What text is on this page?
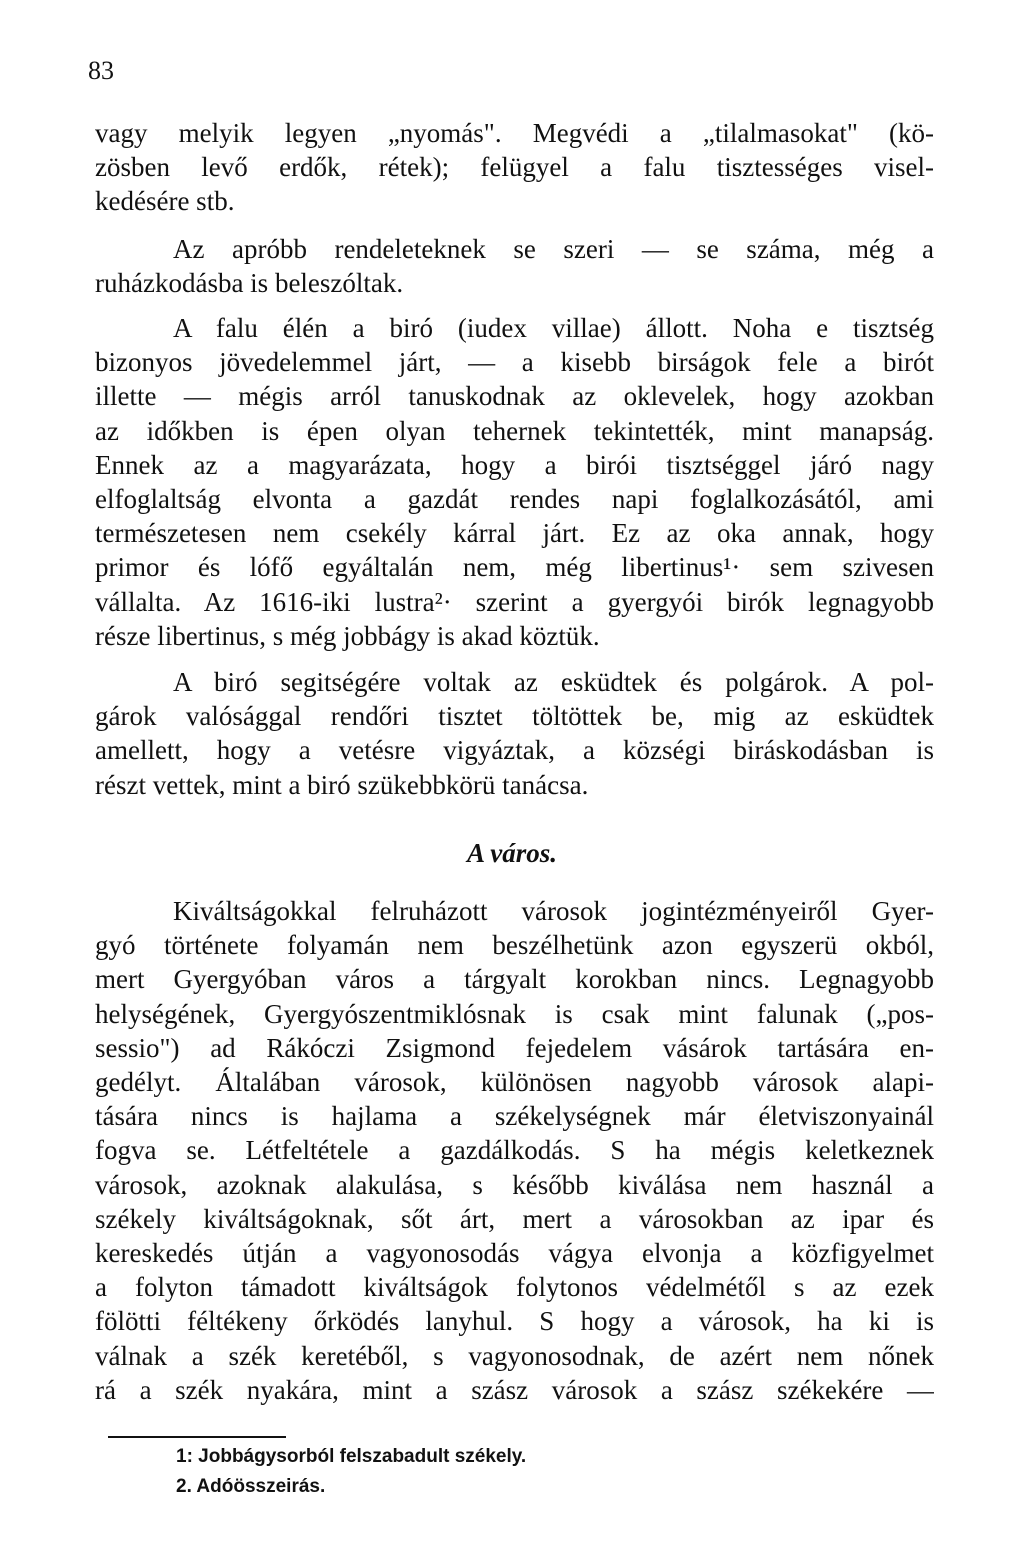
83
vagy melyik legyen „nyomás". Megvédi a „tilalmasokat" (kö-
zösben levő erdők, rétek); felügyel a falu tisztességes visel-
kedésére stb.
Az apróbb rendeleteknek se szeri — se száma, még a
ruházkodásba is beleszóltak.
A falu élén a biró (iudex villae) állott. Noha e tisztség
bizonyos jövedelemmel járt, — a kisebb birságok fele a birót
illette — mégis arról tanuskodnak az oklevelek, hogy azokban
az időkben is épen olyan tehernek tekintették, mint manapság.
Ennek az a magyarázata, hogy a birói tisztséggel járó nagy
elfoglaltság elvonta a gazdát rendes napi foglalkozásától, ami
természetesen nem csekély kárral járt. Ez az oka annak, hogy
primor és lófő egyáltalán nem, még libertinus¹· sem szivesen
vállalta. Az 1616-iki lustra²· szerint a gyergyói birók legnagyobb
része libertinus, s még jobbágy is akad köztük.
A biró segitségére voltak az esküdtek és polgárok. A pol-
gárok valósággal rendőri tisztet töltöttek be, mig az esküdtek
amellett, hogy a vetésre vigyáztak, a községi biráskodásban is
részt vettek, mint a biró szükebbkörü tanácsa.
A város.
Kiváltságokkal felruházott városok jogintézményeiről Gyer-
gyó története folyamán nem beszélhetünk azon egyszerü okból,
mert Gyergyóban város a tárgyalt korokban nincs. Legnagyobb
helységének, Gyergyószentmiklósnak is csak mint falunak („pos-
sessio") ad Rákóczi Zsigmond fejedelem vásárok tartására en-
gedélyt. Általában városok, különösen nagyobb városok alapi-
tására nincs is hajlama a székelységnek már életviszonyainál
fogva se. Létfeltétele a gazdálkodás. S ha mégis keletkeznek
városok, azoknak alakulása, s később kiválása nem használ a
székely kiváltságoknak, sőt árt, mert a városokban az ipar és
kereskedés útján a vagyonosodás vágya elvonja a közfigyelmet
a folyton támadott kiváltságok folytonos védelmétől s az ezek
fölötti féltékeny őrködés lanyhul. S hogy a városok, ha ki is
válnak a szék keretéből, s vagyonosodnak, de azért nem nőnek
rá a szék nyakára, mint a szász városok a szász székekére —
1: Jobbágysorból felszabadult székely.
2. Adóösszeirás.
